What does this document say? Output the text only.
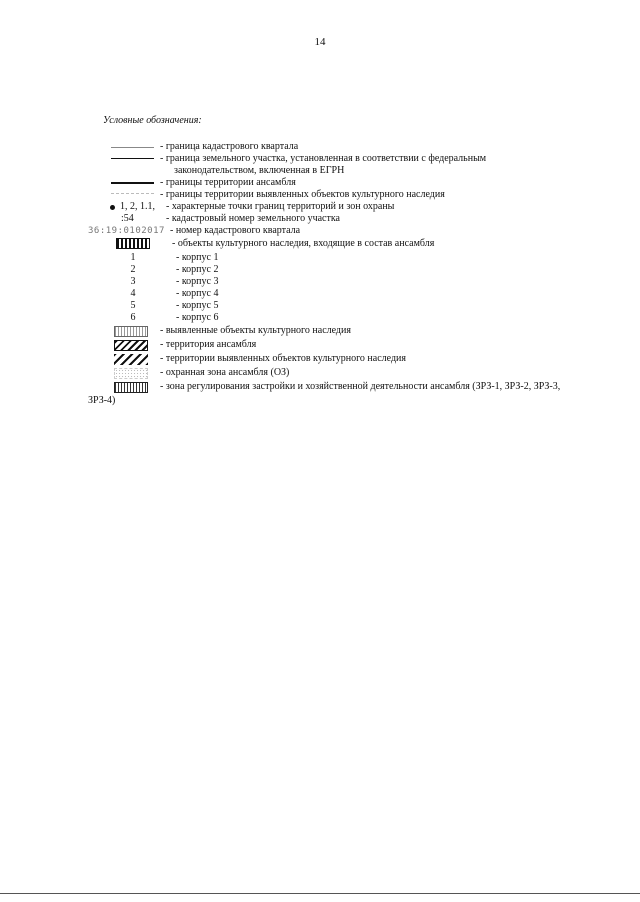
14
Условные обозначения:
- граница кадастрового квартала
- граница земельного участка, установленная в соответствии с федеральным
законодательством, включенная в ЕГРН
- границы территории ансамбля
- границы территории выявленных объектов культурного наследия
1, 2, 1.1, - характерные точки границ территорий и зон охраны
:54	- кадастровый номер земельного участка
36:19:0102017 - номер кадастрового квартала
- объекты культурного наследия, входящие в состав ансамбля
1	- корпус 1
2	- корпус 2
3	- корпус 3
4	- корпус 4
5	- корпус 5
6	- корпус 6
- выявленные объекты культурного наследия
- территория ансамбля
- территории выявленных объектов культурного наследия
- охранная зона ансамбля (ОЗ)
- зона регулирования застройки и хозяйственной деятельности ансамбля (ЗРЗ-1, ЗРЗ-2, ЗРЗ-3,
ЗРЗ-4)
